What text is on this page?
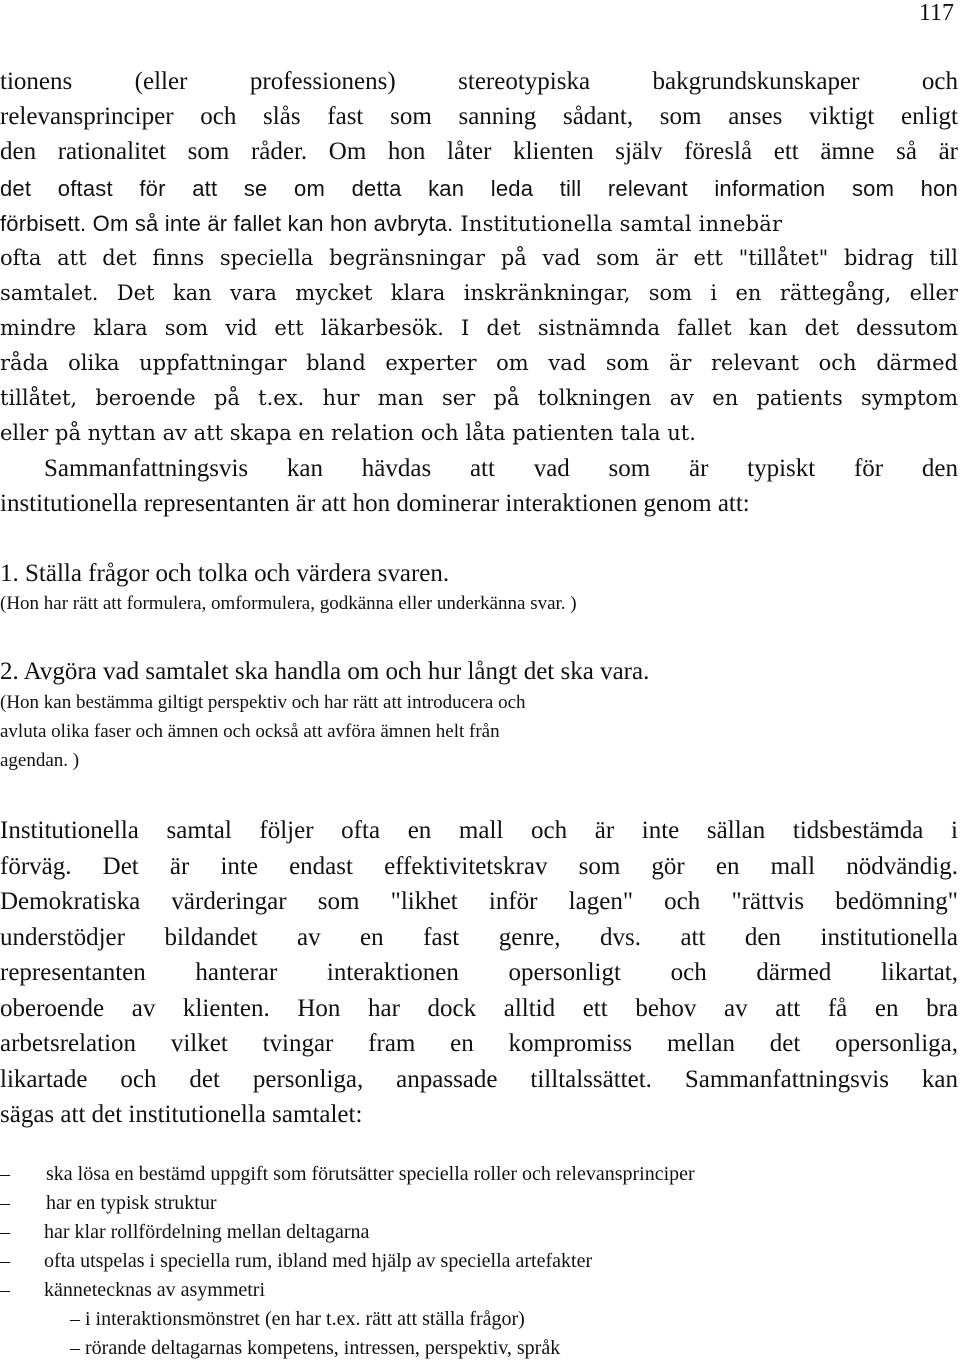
117
tionens (eller professionens) stereotypiska bakgrundskunskaper och
relevansprinciper och slås fast som sanning sådant, som anses viktigt enligt
den rationalitet som råder. Om hon låter klienten själv föreslå ett ämne så är
det oftast för att se om detta kan leda till relevant information som hon
förbisett. Om så inte är fallet kan hon avbryta. Institutionella samtal innebär
ofta att det finns speciella begränsningar på vad som är ett "tillåtet" bidrag till
samtalet. Det kan vara mycket klara inskränkningar, som i en rättegång, eller
mindre klara som vid ett läkarbesök. I det sistnämnda fallet kan det dessutom
råda olika uppfattningar bland experter om vad som är relevant och därmed
tillåtet, beroende på t.ex. hur man ser på tolkningen av en patients symptom
eller på nyttan av att skapa en relation och låta patienten tala ut.
Sammanfattningsvis kan hävdas att vad som är typiskt för den
institutionella representanten är att hon dominerar interaktionen genom att:
1. Ställa frågor och tolka och värdera svaren.
(Hon har rätt att formulera, omformulera, godkänna eller underkänna svar. )
2. Avgöra vad samtalet ska handla om och hur långt det ska vara.
(Hon kan bestämma giltigt perspektiv och har rätt att introducera och
avluta olika faser och ämnen och också att avföra ämnen helt från
agendan. )
Institutionella samtal följer ofta en mall och är inte sällan tidsbestämda i
förväg. Det är inte endast effektivitetskrav som gör en mall nödvändig.
Demokratiska värderingar som "likhet inför lagen" och "rättvis bedömning"
understödjer bildandet av en fast genre, dvs. att den institutionella
representanten hanterar interaktionen opersonligt och därmed likartat,
oberoende av klienten. Hon har dock alltid ett behov av att få en bra
arbetsrelation vilket tvingar fram en kompromiss mellan det opersonliga,
likartade och det personliga, anpassade tilltalssättet. Sammanfattningsvis kan
sägas att det institutionella samtalet:
– ska lösa en bestämd uppgift som förutsätter speciella roller och relevansprinciper
– har en typisk struktur
– har klar rollfördelning mellan deltagarna
– ofta utspelas i speciella rum, ibland med hjälp av speciella artefakter
– kännetecknas av asymmetri
– i interaktionsmönstret (en har t.ex. rätt att ställa frågor)
– rörande deltagarnas kompetens, intressen, perspektiv, språk
